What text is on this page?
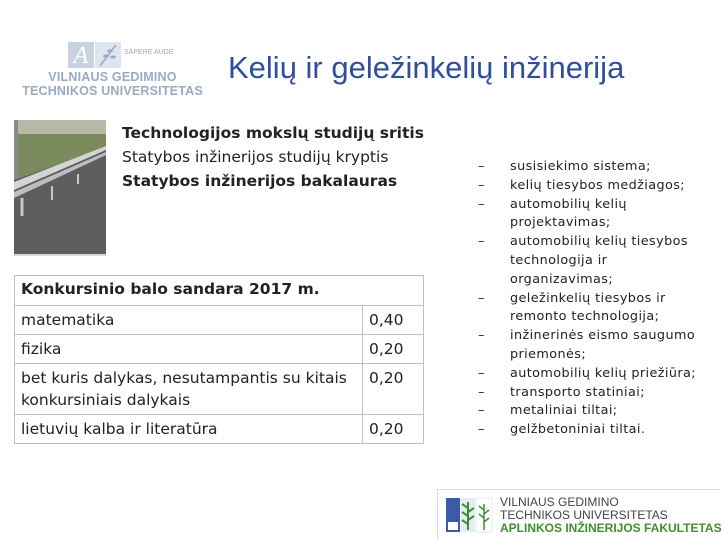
A	SAPERE AUDE
VILNIAUS GEDIMINO
TECHNIKOS UNIVERSITETAS
Kelių ir geležinkelių inžinerija
Technologijos mokslų studijų sritis
Statybos inžinerijos studijų kryptis
Statybos inžinerijos bakalauras
Konkursinio balo sandara 2017 m.
matematika	0,40
fizika	0,20
bet kuris dalykas, nesutampantis su kitais konkursiniais dalykais	0,20
lietuvių kalba ir literatūra	0,20
–	susisiekimo sistema;
–	kelių tiesybos medžiagos;
–	automobilių kelių projektavimas;
–	automobilių kelių tiesybos technologija ir organizavimas;
–	geležinkelių tiesybos ir remonto technologija;
–	inžinerinės eismo saugumo priemonės;
–	automobilių kelių priežiūra;
–	transporto statiniai;
–	metaliniai tiltai;
–	gelžbetoniniai tiltai.
VILNIAUS GEDIMINO
TECHNIKOS UNIVERSITETAS
APLINKOS INŽINERIJOS FAKULTETAS
